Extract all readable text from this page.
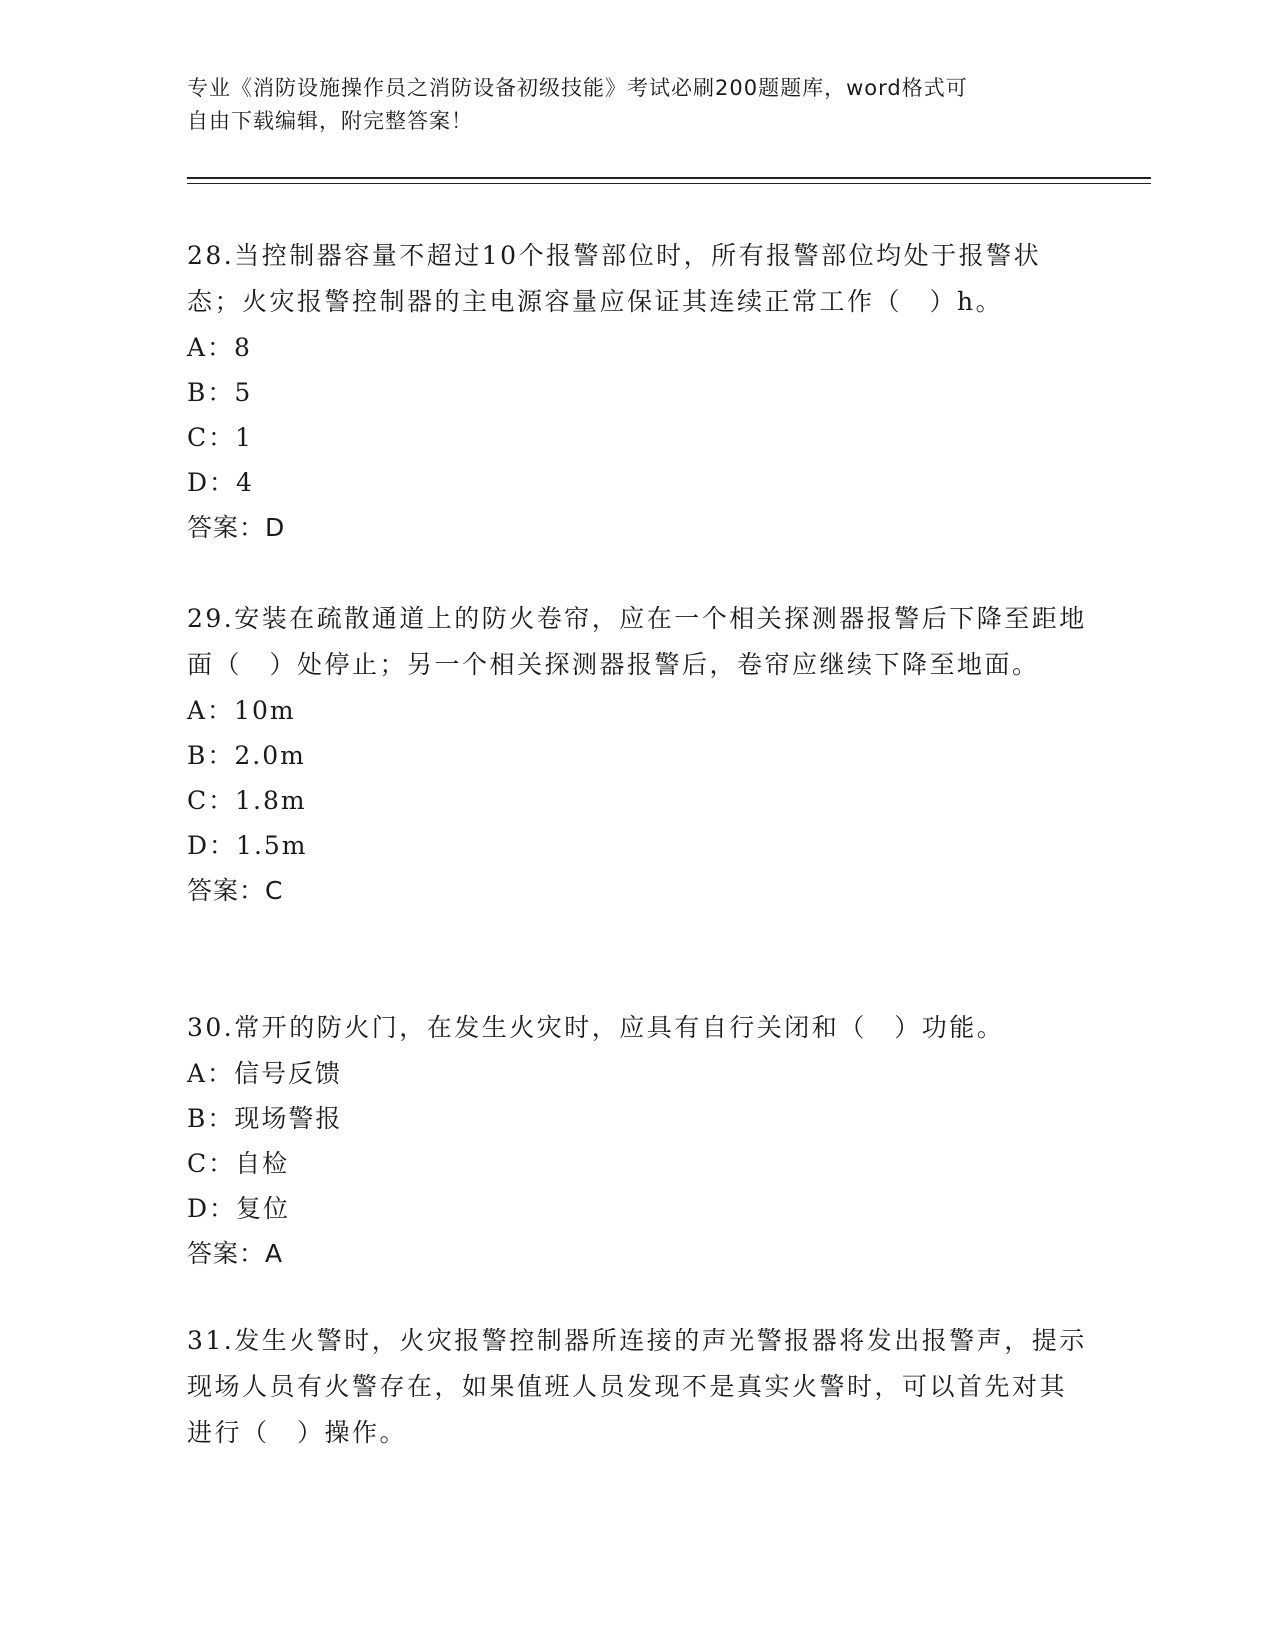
专业《消防设施操作员之消防设备初级技能》考试必刷200题题库，word格式可
自由下载编辑，附完整答案！

28.当控制器容量不超过10个报警部位时，所有报警部位均处于报警状态；火灾报警控制器的主电源容量应保证其连续正常工作（　）h。

A：8

B：5

C：1

D：4

答案：D

29.安装在疏散通道上的防火卷帘，应在一个相关探测器报警后下降至距地面（　）处停止；另一个相关探测器报警后，卷帘应继续下降至地面。

A：10m

B：2.0m

C：1.8m

D：1.5m

答案：C

30.常开的防火门，在发生火灾时，应具有自行关闭和（　）功能。

A：信号反馈

B：现场警报

C：自检

D：复位

答案：A

31.发生火警时，火灾报警控制器所连接的声光警报器将发出报警声，提示现场人员有火警存在，如果值班人员发现不是真实火警时，可以首先对其进行（　）操作。
